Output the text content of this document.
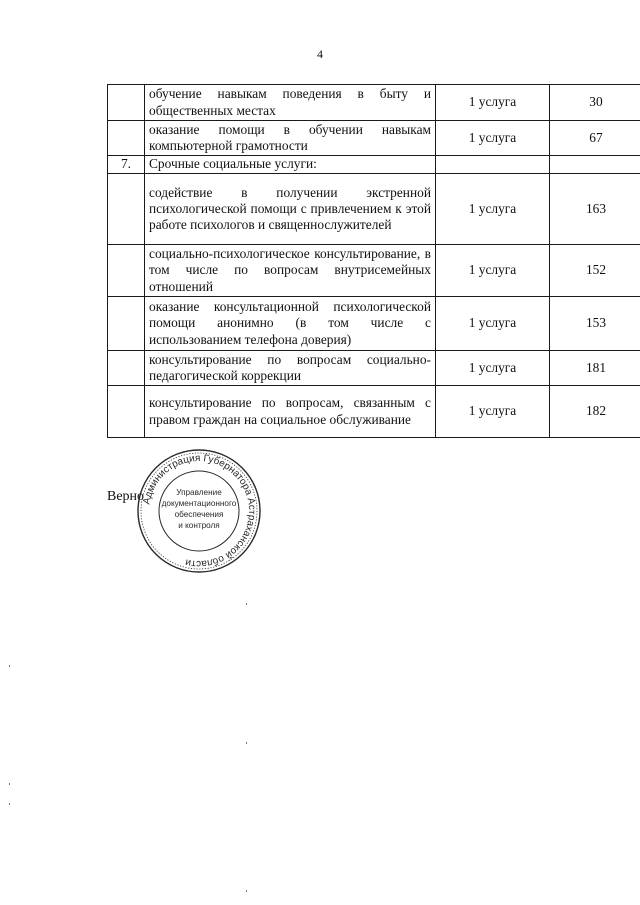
4
	обучение навыкам поведения в быту и общественных местах	1 услуга	30
	оказание помощи в обучении навыкам компьютерной грамотности	1 услуга	67
7.	Срочные социальные услуги:		
	содействие в получении экстренной психологической помощи с привлечением к этой работе психологов и священнослужителей	1 услуга	163
	социально-психологическое консультирование, в том числе по вопросам внутрисемейных отношений	1 услуга	152
	оказание консультационной психологической помощи анонимно (в том числе с использованием телефона доверия)	1 услуга	153
	консультирование по вопросам социально-педагогической коррекции	1 услуга	181
	консультирование по вопросам, связанным с правом граждан на социальное обслуживание	1 услуга	182
Верно
Администрация Губернатора Астраханской области
Управление
документационного
обеспечения
и контроля
